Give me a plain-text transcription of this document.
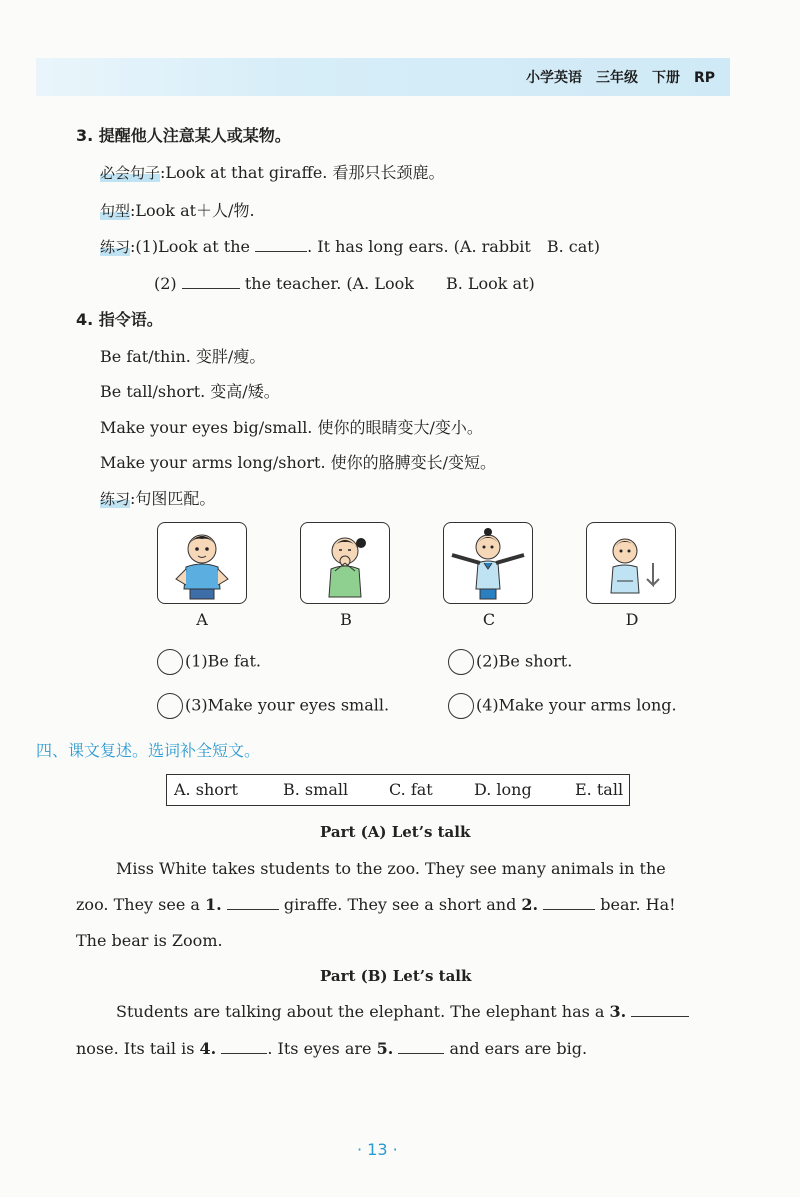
小学英语　三年级　下册　RP
3. 提醒他人注意某人或某物。
必会句子:Look at that giraffe. 看那只长颈鹿。
句型:Look at＋人/物.
练习:(1)Look at the	. It has long ears. (A. rabbit　B. cat)
(2)	the teacher. (A. Look　　B. Look at)
4. 指令语。
Be fat/thin. 变胖/瘦。
Be tall/short. 变高/矮。
Make your eyes big/small. 使你的眼睛变大/变小。
Make your arms long/short. 使你的胳膊变长/变短。
练习:句图匹配。
A	B	C	D
(1)Be fat.	(2)Be short.
(3)Make your eyes small.	(4)Make your arms long.
四、课文复述。选词补全短文。
A. short	B. small	C. fat	D. long	E. tall
Part (A) Let’s talk
Miss White takes students to the zoo. They see many animals in the
zoo. They see a 1.	giraffe. They see a short and 2.	bear. Ha!
The bear is Zoom.
Part (B) Let’s talk
Students are talking about the elephant. The elephant has a 3.
nose. Its tail is 4.	. Its eyes are 5.	and ears are big.
· 13 ·
